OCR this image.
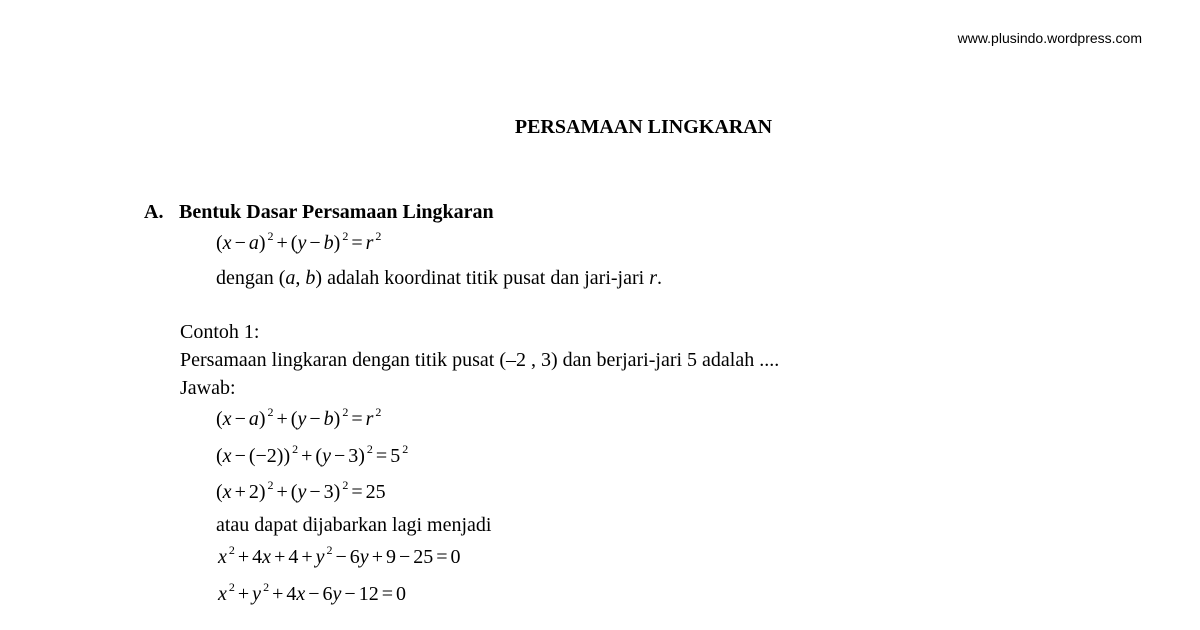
www.plusindo.wordpress.com
PERSAMAAN LINGKARAN
A. Bentuk Dasar Persamaan Lingkaran
(x − a) $^2$ + (y − b) $^2$ = r $^2$
dengan (a, b) adalah koordinat titik pusat dan jari-jari r.
Contoh 1:
Persamaan lingkaran dengan titik pusat (–2 , 3) dan berjari-jari 5 adalah ....
Jawab:
(x − a) $^2$ + (y − b) $^2$ = r $^2$
(x − (−2)) $^2$ + (y − 3) $^2$ = 5 $^2$
(x + 2) $^2$ + (y − 3) $^2$ = 25
atau dapat dijabarkan lagi menjadi
x $^2$ + 4x + 4 + y $^2$ − 6y + 9 − 25 = 0
x $^2$ + y $^2$ + 4x − 6y − 12 = 0
